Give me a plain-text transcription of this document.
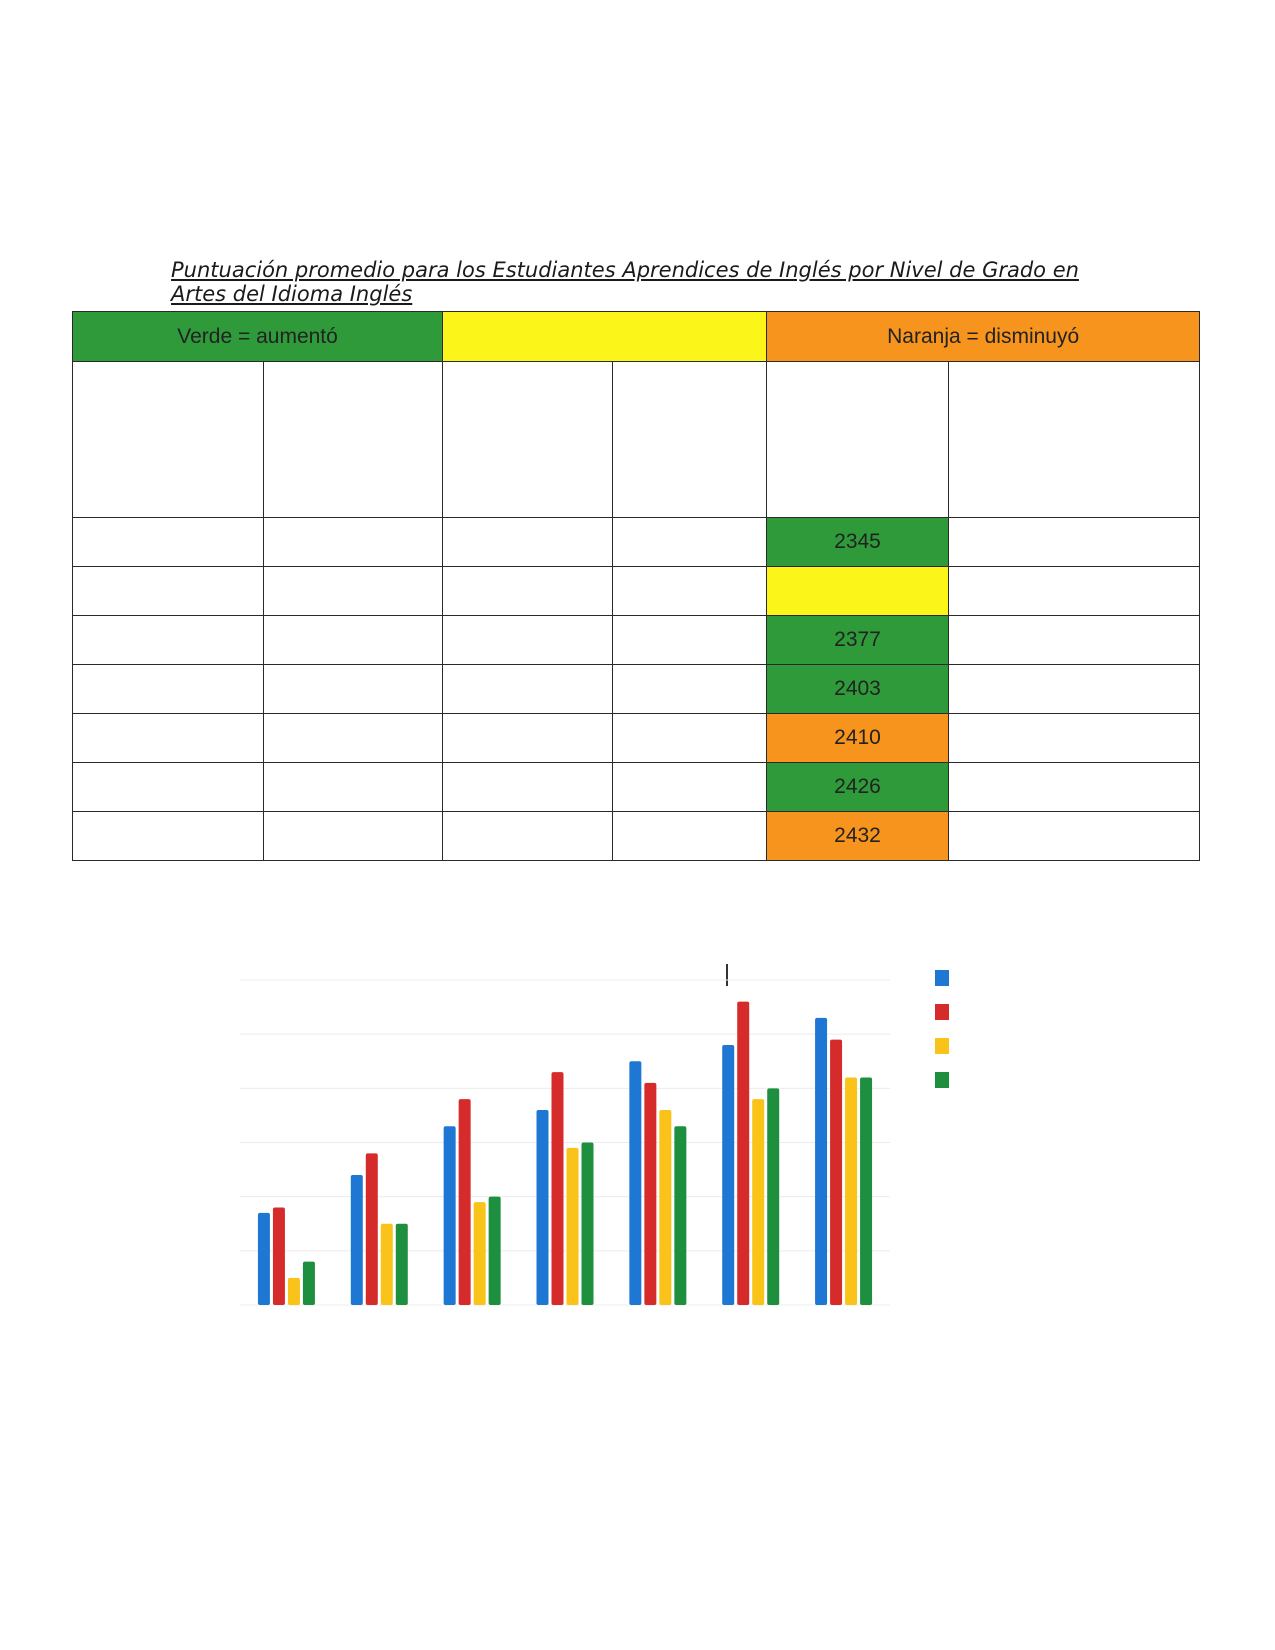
Puntuación promedio para los Estudiantes Aprendices de Inglés por Nivel de Grado en
Artes del Idioma Inglés
Verde = aumentó				Naranja = disminuyó	

				2345	

				2377	
				2403	
				2410	
				2426	
				2432	
